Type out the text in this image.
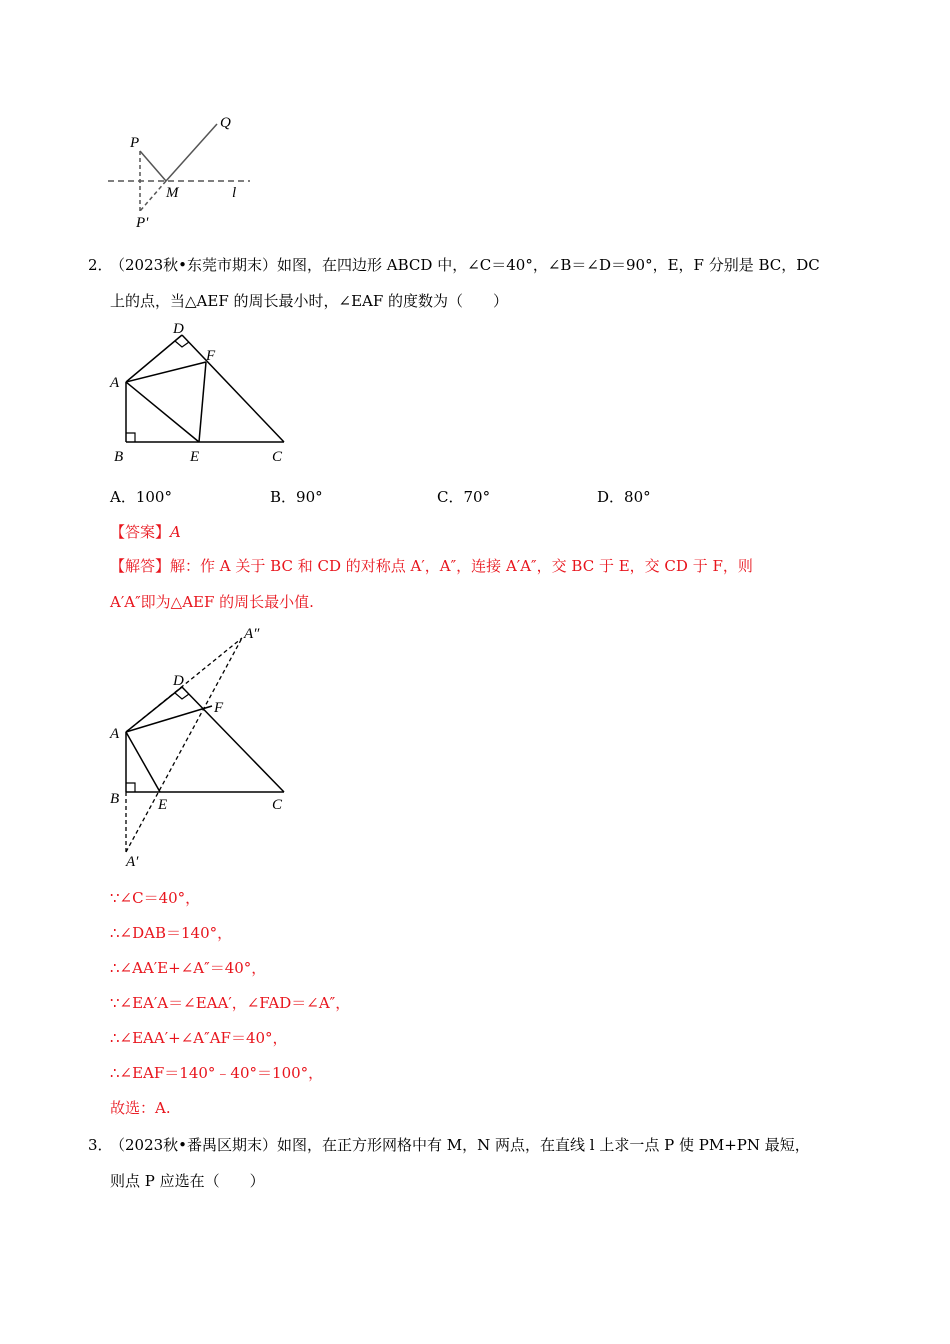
P
Q
M	l
P'
2．
（2023秋•东莞市期末）如图，在四边形 ABCD 中，∠C＝40°，∠B＝∠D＝90°，E，F 分别是 BC，DC
上的点，当△AEF 的周长最小时，∠EAF 的度数为（　　）
A
B	C
D
E
F
A．100°	B．90°	C．70°	D．80°
【答案】A
【解答】解：作 A 关于 BC 和 CD 的对称点 A′，A″，连接 A′A″，交 BC 于 E，交 CD 于 F，则
A′A″即为△AEF 的周长最小值.
A″
D
F
A
B	E	C
A′
∵∠C＝40°，
∴∠DAB＝140°，
∴∠AA′E+∠A″＝40°，
∵∠EA′A＝∠EAA′，∠FAD＝∠A″，
∴∠EAA′+∠A″AF＝40°，
∴∠EAF＝140°﹣40°＝100°，
故选：A.
3．
（2023秋•番禺区期末）如图，在正方形网格中有 M，N 两点，在直线 l 上求一点 P 使 PM+PN 最短，
则点 P 应选在（　　）
